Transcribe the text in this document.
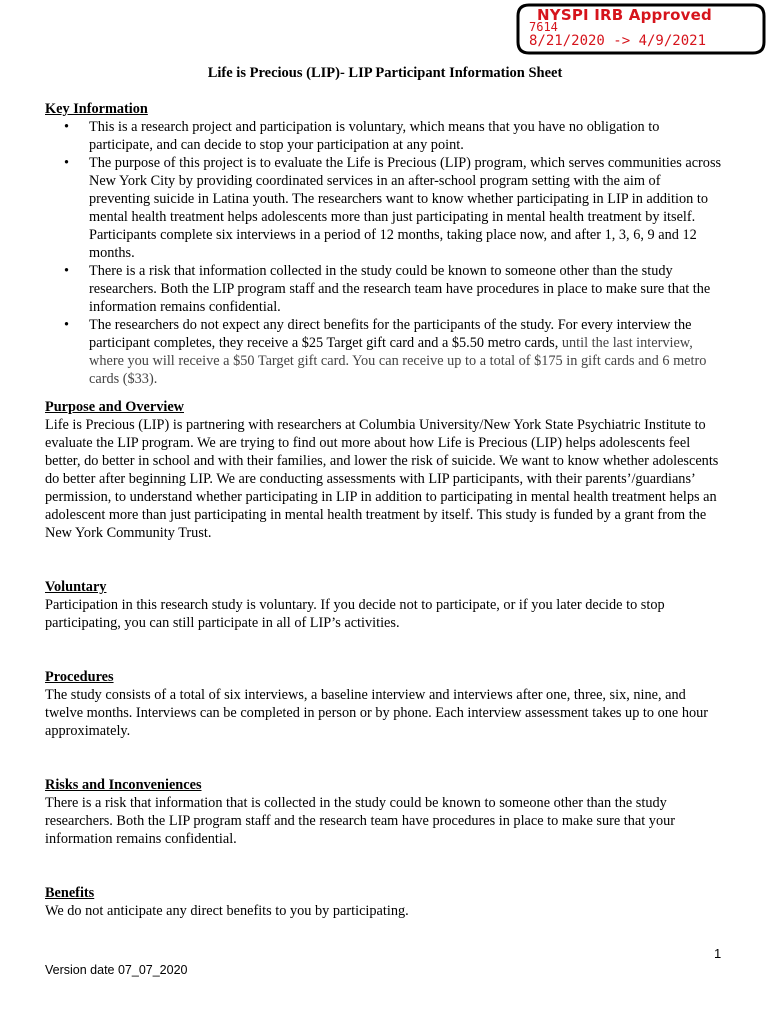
NYSPI IRB Approved
7614
8/21/2020 -> 4/9/2021
Life is Precious (LIP)- LIP Participant Information Sheet

Key Information

• This is a research project and participation is voluntary, which means that you have no obligation to participate, and can decide to stop your participation at any point.
• The purpose of this project is to evaluate the Life is Precious (LIP) program, which serves communities across New York City by providing coordinated services in an after-school program setting with the aim of preventing suicide in Latina youth. The researchers want to know whether participating in LIP in addition to mental health treatment helps adolescents more than just participating in mental health treatment by itself. Participants complete six interviews in a period of 12 months, taking place now, and after 1, 3, 6, 9 and 12 months.
• There is a risk that information collected in the study could be known to someone other than the study researchers. Both the LIP program staff and the research team have procedures in place to make sure that the information remains confidential.
• The researchers do not expect any direct benefits for the participants of the study. For every interview the participant completes, they receive a $25 Target gift card and a $5.50 metro cards, until the last interview, where you will receive a $50 Target gift card. You can receive up to a total of $175 in gift cards and 6 metro cards ($33).

Purpose and Overview

Life is Precious (LIP) is partnering with researchers at Columbia University/New York State Psychiatric Institute to evaluate the LIP program. We are trying to find out more about how Life is Precious (LIP) helps adolescents feel better, do better in school and with their families, and lower the risk of suicide. We want to know whether adolescents do better after beginning LIP. We are conducting assessments with LIP participants, with their parents’/guardians’ permission, to understand whether participating in LIP in addition to participating in mental health treatment helps an adolescent more than just participating in mental health treatment by itself. This study is funded by a grant from the New York Community Trust.

Voluntary

Participation in this research study is voluntary. If you decide not to participate, or if you later decide to stop participating, you can still participate in all of LIP’s activities.

Procedures

The study consists of a total of six interviews, a baseline interview and interviews after one, three, six, nine, and twelve months. Interviews can be completed in person or by phone. Each interview assessment takes up to one hour approximately.

Risks and Inconveniences

There is a risk that information that is collected in the study could be known to someone other than the study researchers. Both the LIP program staff and the research team have procedures in place to make sure that your information remains confidential.

Benefits

We do not anticipate any direct benefits to you by participating.

1
Version date 07_07_2020
